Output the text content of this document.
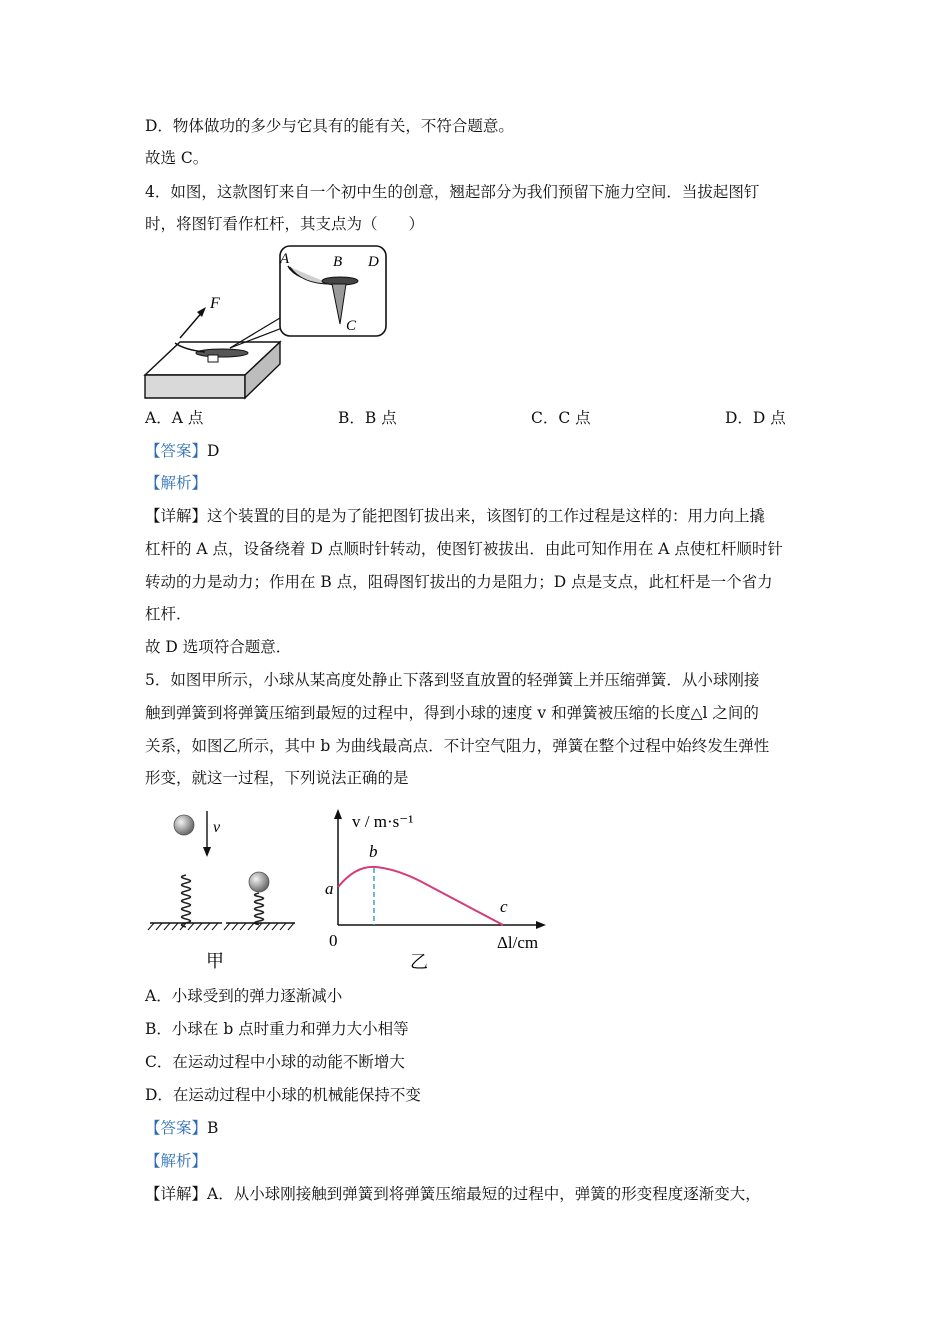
D．物体做功的多少与它具有的能有关，不符合题意。
故选 C。
4．如图，这款图钉来自一个初中生的创意，翘起部分为我们预留下施力空间．当拔起图钉
时，将图钉看作杠杆，其支点为（　　）
F
A	B D
C
A．A 点	B．B 点	C．C 点	D．D 点
【答案】D
【解析】
【详解】这个装置的目的是为了能把图钉拔出来，该图钉的工作过程是这样的：用力向上撬
杠杆的 A 点，设备绕着 D 点顺时针转动，使图钉被拔出．由此可知作用在 A 点使杠杆顺时针
转动的力是动力；作用在 B 点，阻碍图钉拔出的力是阻力；D 点是支点，此杠杆是一个省力
杠杆．
故 D 选项符合题意．
5．如图甲所示，小球从某高度处静止下落到竖直放置的轻弹簧上并压缩弹簧．从小球刚接
触到弹簧到将弹簧压缩到最短的过程中，得到小球的速度 v 和弹簧被压缩的长度△l 之间的
关系，如图乙所示，其中 b 为曲线最高点．不计空气阻力，弹簧在整个过程中始终发生弹性
形变，就这一过程，下列说法正确的是
v
甲
v / m·s⁻¹
b
a
c
0	Δl/cm
乙
A．小球受到的弹力逐渐减小
B．小球在 b 点时重力和弹力大小相等
C．在运动过程中小球的动能不断增大
D．在运动过程中小球的机械能保持不变
【答案】B
【解析】
【详解】A．从小球刚接触到弹簧到将弹簧压缩最短的过程中，弹簧的形变程度逐渐变大，
